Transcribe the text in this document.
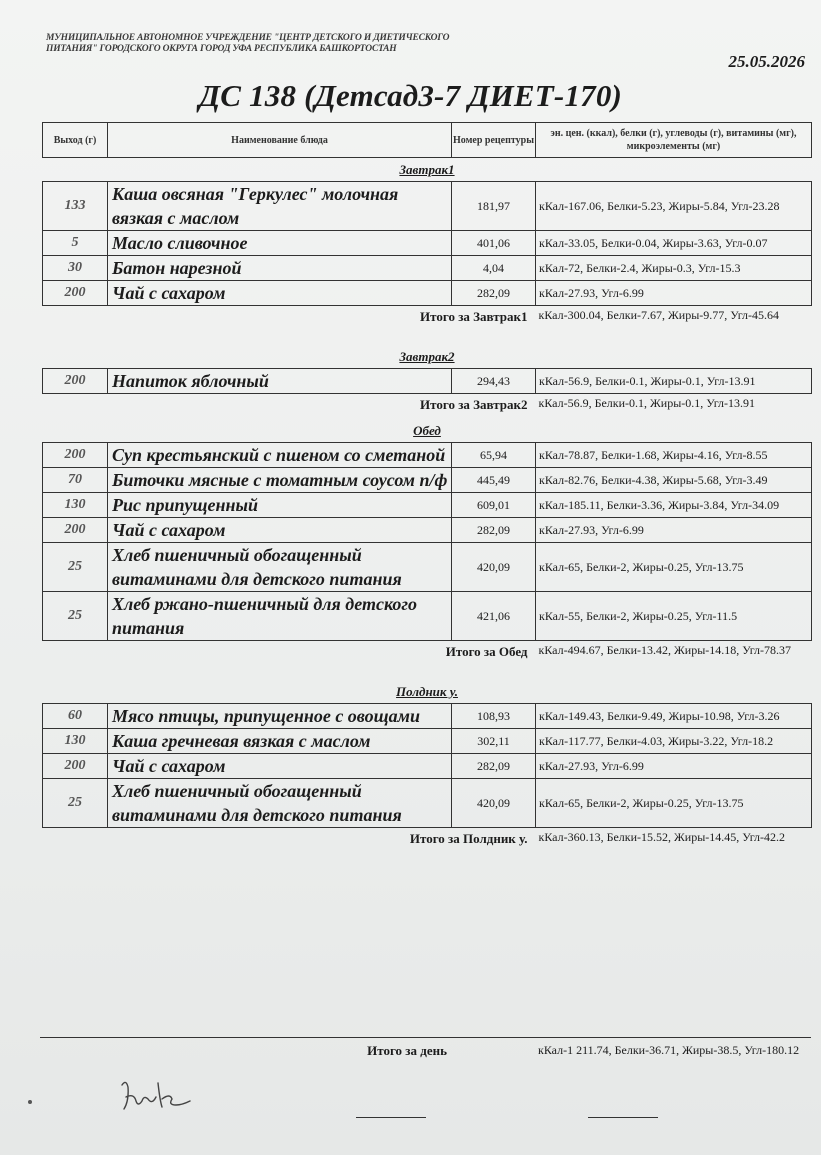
МУНИЦИПАЛЬНОЕ АВТОНОМНОЕ УЧРЕЖДЕНИЕ "ЦЕНТР ДЕТСКОГО И ДИЕТИЧЕСКОГО ПИТАНИЯ" ГОРОДСКОГО ОКРУГА ГОРОД УФА РЕСПУБЛИКА БАШКОРТОСТАН
25.05.2026
ДС 138 (Детсад3-7 ДИЕТ-170)
Выход (г)	Наименование блюда	Номер рецептуры	эн. цен. (ккал), белки (г), углеводы (г), витамины (мг), микроэлементы (мг)
Завтрак1			
133	Каша овсяная "Геркулес" молочная вязкая с маслом	181,97	кКал-167.06, Белки-5.23, Жиры-5.84, Угл-23.28
5	Масло сливочное	401,06	кКал-33.05, Белки-0.04, Жиры-3.63, Угл-0.07
30	Батон нарезной	4,04	кКал-72, Белки-2.4, Жиры-0.3, Угл-15.3
200	Чай с сахаром	282,09	кКал-27.93, Угл-6.99
Итого за Завтрак1			кКал-300.04, Белки-7.67, Жиры-9.77, Угл-45.64
Завтрак2			
200	Напиток яблочный	294,43	кКал-56.9, Белки-0.1, Жиры-0.1, Угл-13.91
Итого за Завтрак2			кКал-56.9, Белки-0.1, Жиры-0.1, Угл-13.91
Обед			
200	Суп крестьянский с пшеном со сметаной	65,94	кКал-78.87, Белки-1.68, Жиры-4.16, Угл-8.55
70	Биточки мясные с томатным соусом п/ф	445,49	кКал-82.76, Белки-4.38, Жиры-5.68, Угл-3.49
130	Рис припущенный	609,01	кКал-185.11, Белки-3.36, Жиры-3.84, Угл-34.09
200	Чай с сахаром	282,09	кКал-27.93, Угл-6.99
25	Хлеб пшеничный обогащенный витаминами для детского питания	420,09	кКал-65, Белки-2, Жиры-0.25, Угл-13.75
25	Хлеб ржано-пшеничный для детского питания	421,06	кКал-55, Белки-2, Жиры-0.25, Угл-11.5
Итого за Обед			кКал-494.67, Белки-13.42, Жиры-14.18, Угл-78.37
Полдник у.			
60	Мясо птицы, припущенное с овощами	108,93	кКал-149.43, Белки-9.49, Жиры-10.98, Угл-3.26
130	Каша гречневая вязкая с маслом	302,11	кКал-117.77, Белки-4.03, Жиры-3.22, Угл-18.2
200	Чай с сахаром	282,09	кКал-27.93, Угл-6.99
25	Хлеб пшеничный обогащенный витаминами для детского питания	420,09	кКал-65, Белки-2, Жиры-0.25, Угл-13.75
Итого за Полдник у.			кКал-360.13, Белки-15.52, Жиры-14.45, Угл-42.2
Итого за день	кКал-1 211.74, Белки-36.71, Жиры-38.5, Угл-180.12
